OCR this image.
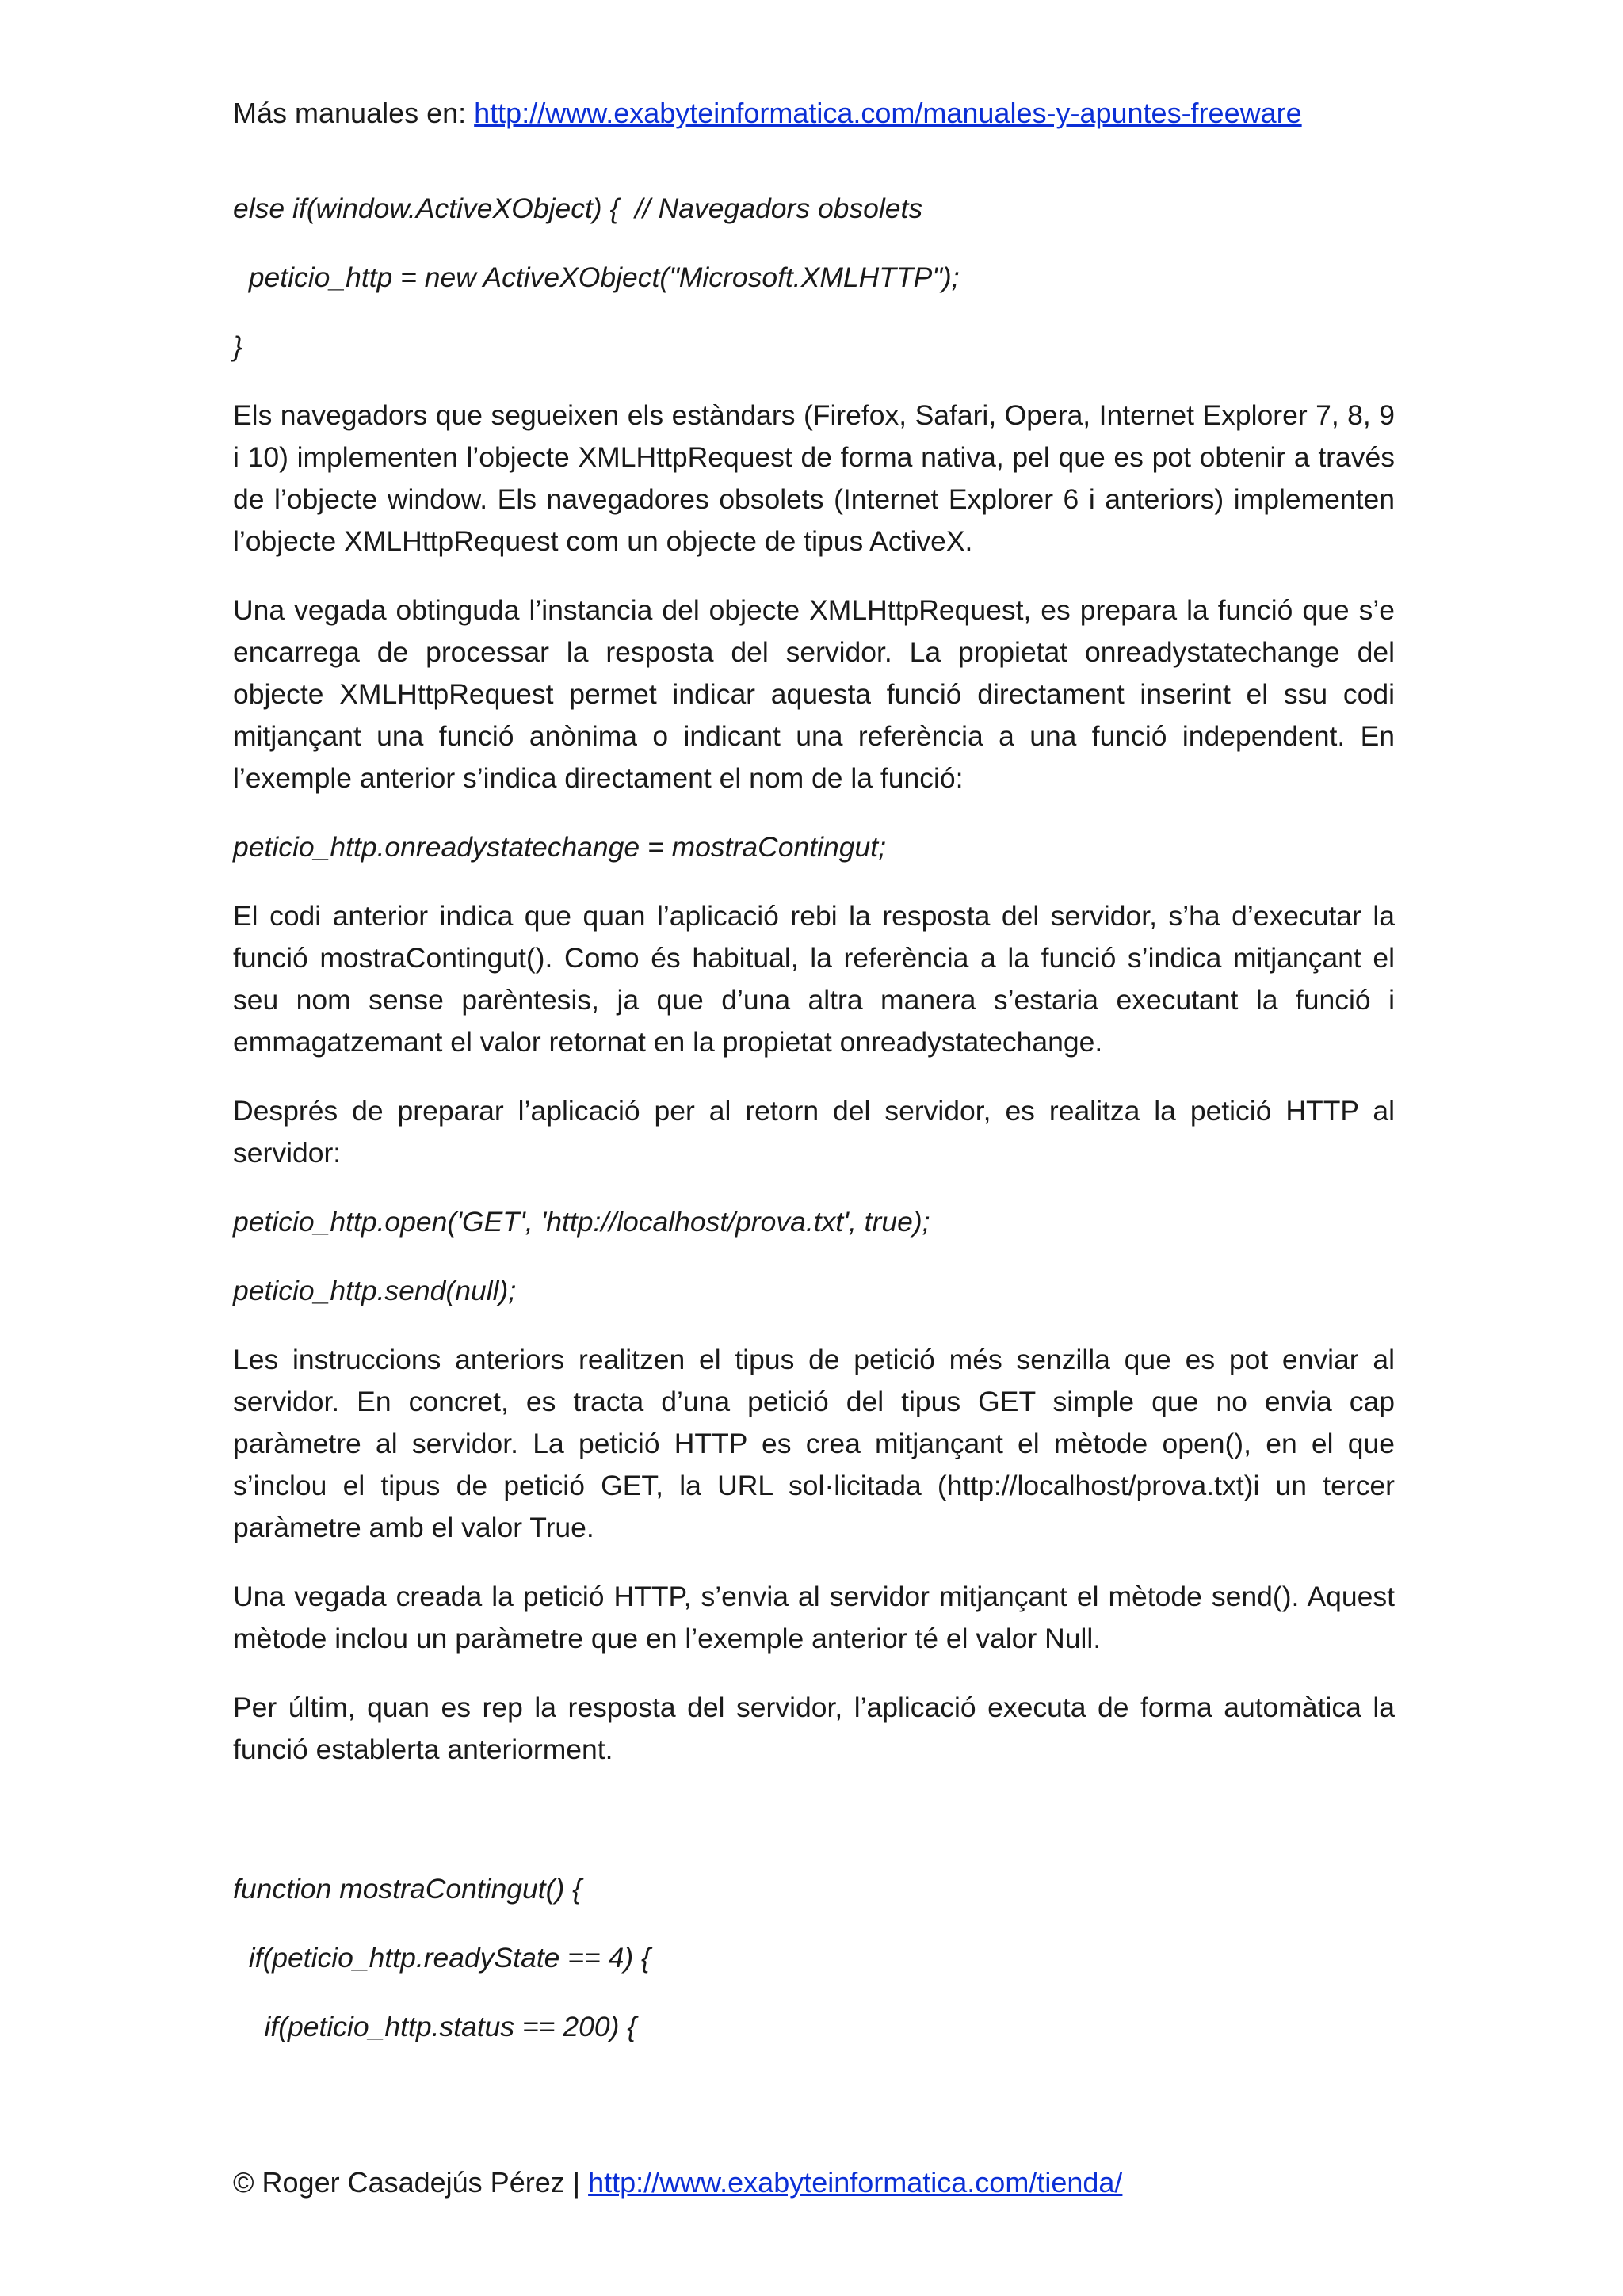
Más manuales en: http://www.exabyteinformatica.com/manuales-y-apuntes-freeware
else if(window.ActiveXObject) {  // Navegadors obsolets
peticio_http = new ActiveXObject("Microsoft.XMLHTTP");
}

Els navegadors que segueixen els estàndars (Firefox, Safari, Opera, Internet Explorer 7, 8, 9 i 10) implementen l’objecte XMLHttpRequest de forma nativa, pel que es pot obtenir a través de l’objecte window. Els navegadores obsolets (Internet Explorer 6 i anteriors) implementen l’objecte XMLHttpRequest com un objecte de tipus ActiveX.

Una vegada obtinguda l’instancia del objecte XMLHttpRequest, es prepara la funció que s’e encarrega de processar la resposta del servidor. La propietat onreadystatechange del objecte XMLHttpRequest permet indicar aquesta funció directament inserint el ssu codi mitjançant una funció anònima o indicant una referència a una funció independent. En l’exemple anterior s’indica directament el nom de la funció:

peticio_http.onreadystatechange = mostraContingut;

El codi anterior indica que quan l’aplicació rebi la resposta del servidor, s’ha d’executar la funció mostraContingut(). Como és habitual, la referència a la funció s’indica mitjançant el seu nom sense parèntesis, ja que d’una altra manera s’estaria executant la funció i emmagatzemant el valor retornat en la propietat onreadystatechange.

Després de preparar l’aplicació per al retorn del servidor, es realitza la petició HTTP al servidor:

peticio_http.open('GET', 'http://localhost/prova.txt', true);
peticio_http.send(null);

Les instruccions anteriors realitzen el tipus de petició més senzilla que es pot enviar al servidor. En concret, es tracta d’una petició del tipus GET simple que no envia cap paràmetre al servidor. La petició HTTP es crea mitjançant el mètode open(), en el que s’inclou el tipus de petició GET, la URL sol·licitada (http://localhost/prova.txt)i un tercer paràmetre amb el valor True.

Una vegada creada la petició HTTP, s’envia al servidor mitjançant el mètode send(). Aquest mètode inclou un paràmetre que en l’exemple anterior té el valor Null.

Per últim, quan es rep la resposta del servidor, l’aplicació executa de forma automàtica la funció establerta anteriorment.

function mostraContingut() {
if(peticio_http.readyState == 4) {
if(peticio_http.status == 200) {
© Roger Casadejús Pérez | http://www.exabyteinformatica.com/tienda/
